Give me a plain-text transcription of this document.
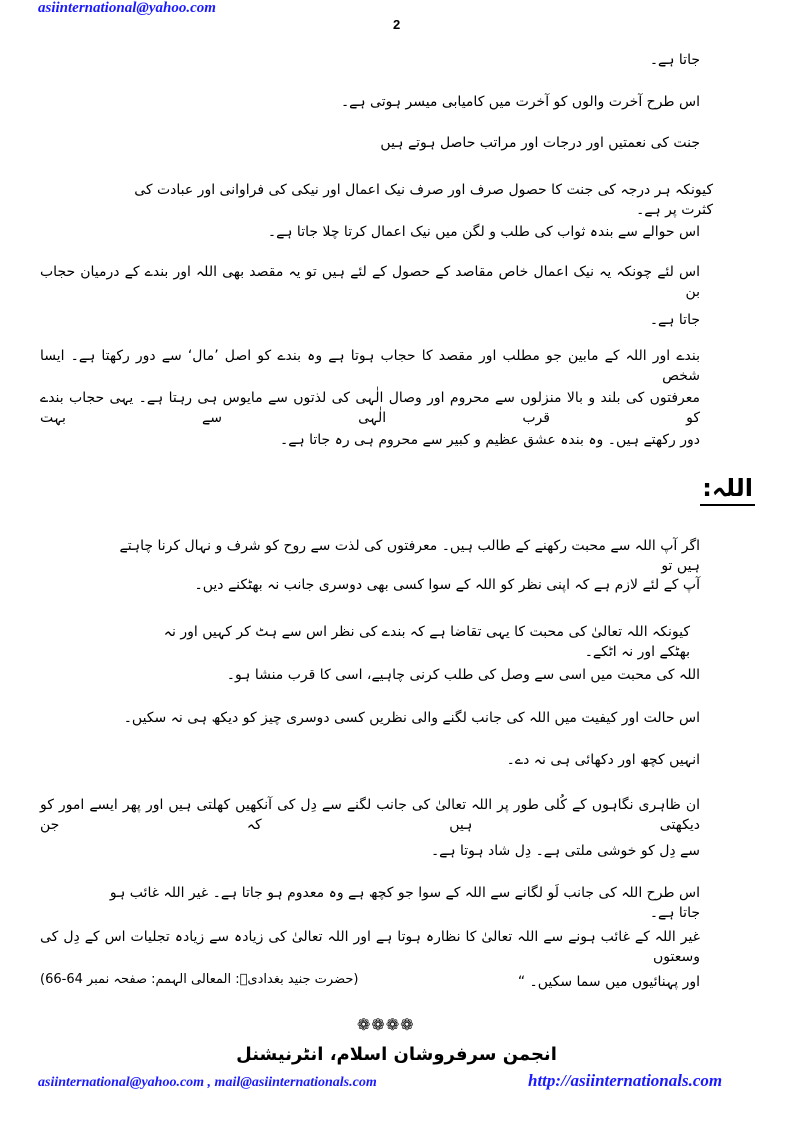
asiinternational@yahoo.com
2
جاتا ہے۔
اس طرح آخرت والوں کو آخرت میں کامیابی میسر ہوتی ہے۔
جنت کی نعمتیں اور درجات اور مراتب حاصل ہوتے ہیں
کیونکہ ہر درجہ کی جنت کا حصول صرف اور صرف نیک اعمال اور نیکی کی فراوانی اور عبادت کی کثرت پر ہے۔
اس حوالے سے بندہ ثواب کی طلب و لگن میں نیک اعمال کرتا چلا جاتا ہے۔
اس لئے چونکہ یہ نیک اعمال خاص مقاصد کے حصول کے لئے ہیں تو یہ مقصد بھی اللہ اور بندے کے درمیان حجاب بن
جاتا ہے۔
بندے اور اللہ کے مابین جو مطلب اور مقصد کا حجاب ہوتا ہے وہ بندے کو اصل ’مال‘ سے دور رکھتا ہے۔ ایسا شخص
معرفتوں کی بلند و بالا منزلوں سے محروم اور وصال الٰہی کی لذتوں سے مایوس ہی رہتا ہے۔ یہی حجاب بندے کو قرب الٰہی سے بہت
دور رکھتے ہیں۔ وہ بندہ عشق عظیم و کبیر سے محروم ہی رہ جاتا ہے۔
اللہ:
اگر آپ اللہ سے محبت رکھنے کے طالب ہیں۔ معرفتوں کی لذت سے روح کو شرف و نہال کرنا چاہتے ہیں تو
آپ کے لئے لازم ہے کہ اپنی نظر کو اللہ کے سوا کسی بھی دوسری جانب نہ بھٹکنے دیں۔
کیونکہ اللہ تعالیٰ کی محبت کا یہی تقاضا ہے کہ بندے کی نظر اس سے ہٹ کر کہیں اور نہ بھٹکے اور نہ اٹکے۔
اللہ کی محبت میں اسی سے وصل کی طلب کرنی چاہیے، اسی کا قرب منشا ہو۔
اس حالت اور کیفیت میں اللہ کی جانب لگنے والی نظریں کسی دوسری چیز کو دیکھ ہی نہ سکیں۔
انہیں کچھ اور دکھائی ہی نہ دے۔
ان ظاہری نگاہوں کے کُلی طور پر اللہ تعالیٰ کی جانب لگنے سے دِل کی آنکھیں کھلتی ہیں اور پھر ایسے امور کو دیکھتی ہیں کہ جن
سے دِل کو خوشی ملتی ہے۔ دِل شاد ہوتا ہے۔
اس طرح اللہ کی جانب لَو لگانے سے اللہ کے سوا جو کچھ ہے وہ معدوم ہو جاتا ہے۔ غیر اللہ غائب ہو جاتا ہے۔
غیر اللہ کے غائب ہونے سے اللہ تعالیٰ کا نظارہ ہوتا ہے اور اللہ تعالیٰ کی زیادہ سے زیادہ تجلیات اس کے دِل کی وسعتوں
اور پہنائیوں میں سما سکیں۔ “
(حضرت جنید بغدادیؒ: المعالی الہمم: صفحہ نمبر 64-66)
❁❁❁❁
انجمن سرفروشان اسلام، انٹرنیشنل
asiinternational@yahoo.com , mail@asiinternationals.com	http://asiinternationals.com
